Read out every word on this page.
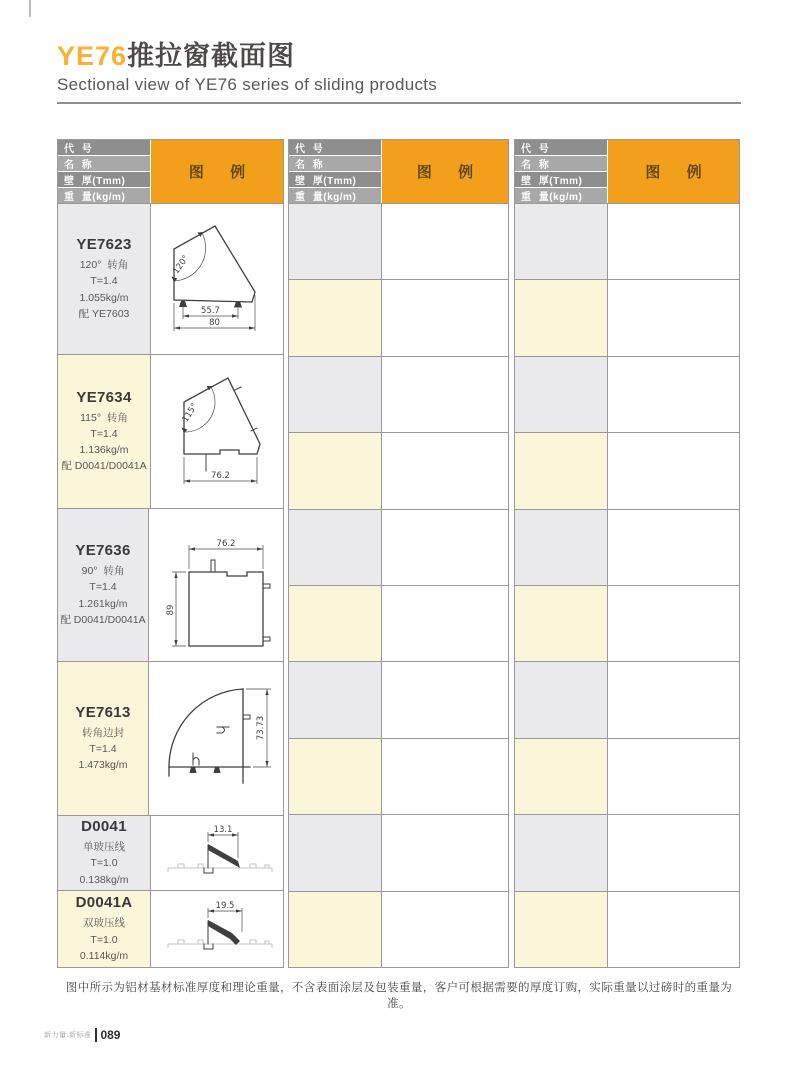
YE76推拉窗截面图
Sectional view of YE76 series of sliding products
代 号
名 称
壁 厚(Tmm)
重 量(kg/m)
图  例
YE7623
120°  转角
T=1.4
1.055kg/m
配 YE7603
120°
55.7
80
YE7634
115°  转角
T=1.4
1.136kg/m
配 D0041/D0041A
115°
76.2
YE7636
90°  转角
T=1.4
1.261kg/m
配 D0041/D0041A
76.2
89
YE7613
转角边封
T=1.4
1.473kg/m
73.73
D0041
单玻压线
T=1.0
0.138kg/m
13.1
D0041A
双玻压线
T=1.0
0.114kg/m
19.5
代 号
名 称
壁 厚(Tmm)
重 量(kg/m)
图  例
代 号
名 称
壁 厚(Tmm)
重 量(kg/m)
图  例

图中所示为铝材基材标准厚度和理论重量，不含表面涂层及包装重量，客户可根据需要的厚度订购，实际重量以过磅时的重量为准。

新力量.新标准 089
